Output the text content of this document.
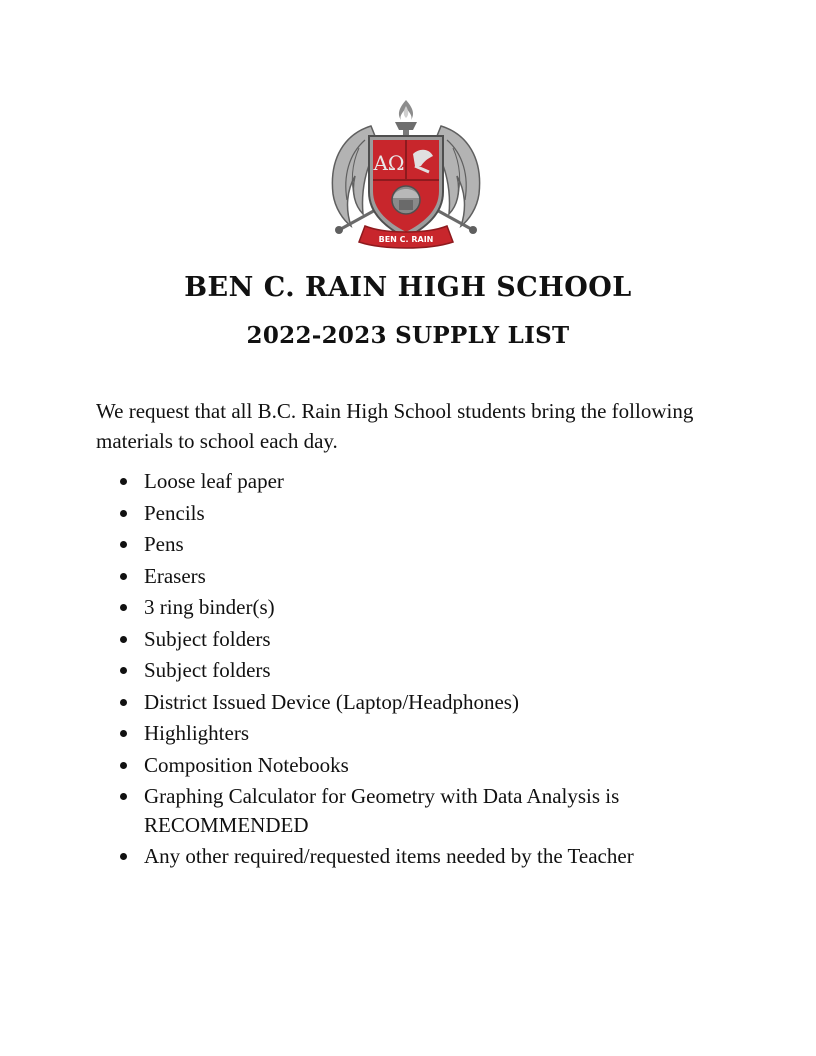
AΩ
BEN C. RAIN
BEN C. RAIN HIGH SCHOOL
2022-2023 SUPPLY LIST

We request that all B.C. Rain High School students bring the following materials to school each day.

Loose leaf paper
Pencils
Pens
Erasers
3 ring binder(s)
Subject folders
Subject folders
District Issued Device (Laptop/Headphones)
Highlighters
Composition Notebooks
Graphing Calculator for Geometry with Data Analysis is RECOMMENDED
Any other required/requested items needed by the Teacher
